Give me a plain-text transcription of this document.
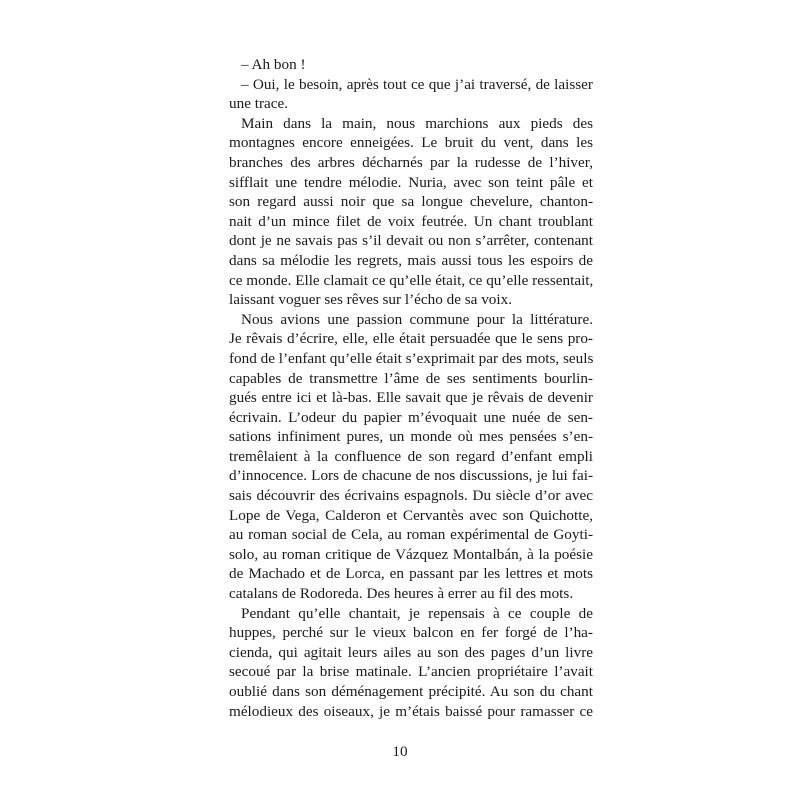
– Ah bon !
– Oui, le besoin, après tout ce que j’ai traversé, de laisser
une trace.
Main dans la main, nous marchions aux pieds des
montagnes encore enneigées. Le bruit du vent, dans les
branches des arbres décharnés par la rudesse de l’hiver,
sifflait une tendre mélodie. Nuria, avec son teint pâle et
son regard aussi noir que sa longue chevelure, chanton-
nait d’un mince filet de voix feutrée. Un chant troublant
dont je ne savais pas s’il devait ou non s’arrêter, contenant
dans sa mélodie les regrets, mais aussi tous les espoirs de
ce monde. Elle clamait ce qu’elle était, ce qu’elle ressentait,
laissant voguer ses rêves sur l’écho de sa voix.
Nous avions une passion commune pour la littérature.
Je rêvais d’écrire, elle, elle était persuadée que le sens pro-
fond de l’enfant qu’elle était s’exprimait par des mots, seuls
capables de transmettre l’âme de ses sentiments bourlin-
gués entre ici et là-bas. Elle savait que je rêvais de devenir
écrivain. L’odeur du papier m’évoquait une nuée de sen-
sations infiniment pures, un monde où mes pensées s’en-
tremêlaient à la confluence de son regard d’enfant empli
d’innocence. Lors de chacune de nos discussions, je lui fai-
sais découvrir des écrivains espagnols. Du siècle d’or avec
Lope de Vega, Calderon et Cervantès avec son Quichotte,
au roman social de Cela, au roman expérimental de Goyti-
solo, au roman critique de Vázquez Montalbán, à la poésie
de Machado et de Lorca, en passant par les lettres et mots
catalans de Rodoreda. Des heures à errer au fil des mots.
Pendant qu’elle chantait, je repensais à ce couple de
huppes, perché sur le vieux balcon en fer forgé de l’ha-
cienda, qui agitait leurs ailes au son des pages d’un livre
secoué par la brise matinale. L’ancien propriétaire l’avait
oublié dans son déménagement précipité. Au son du chant
mélodieux des oiseaux, je m’étais baissé pour ramasser ce
10
